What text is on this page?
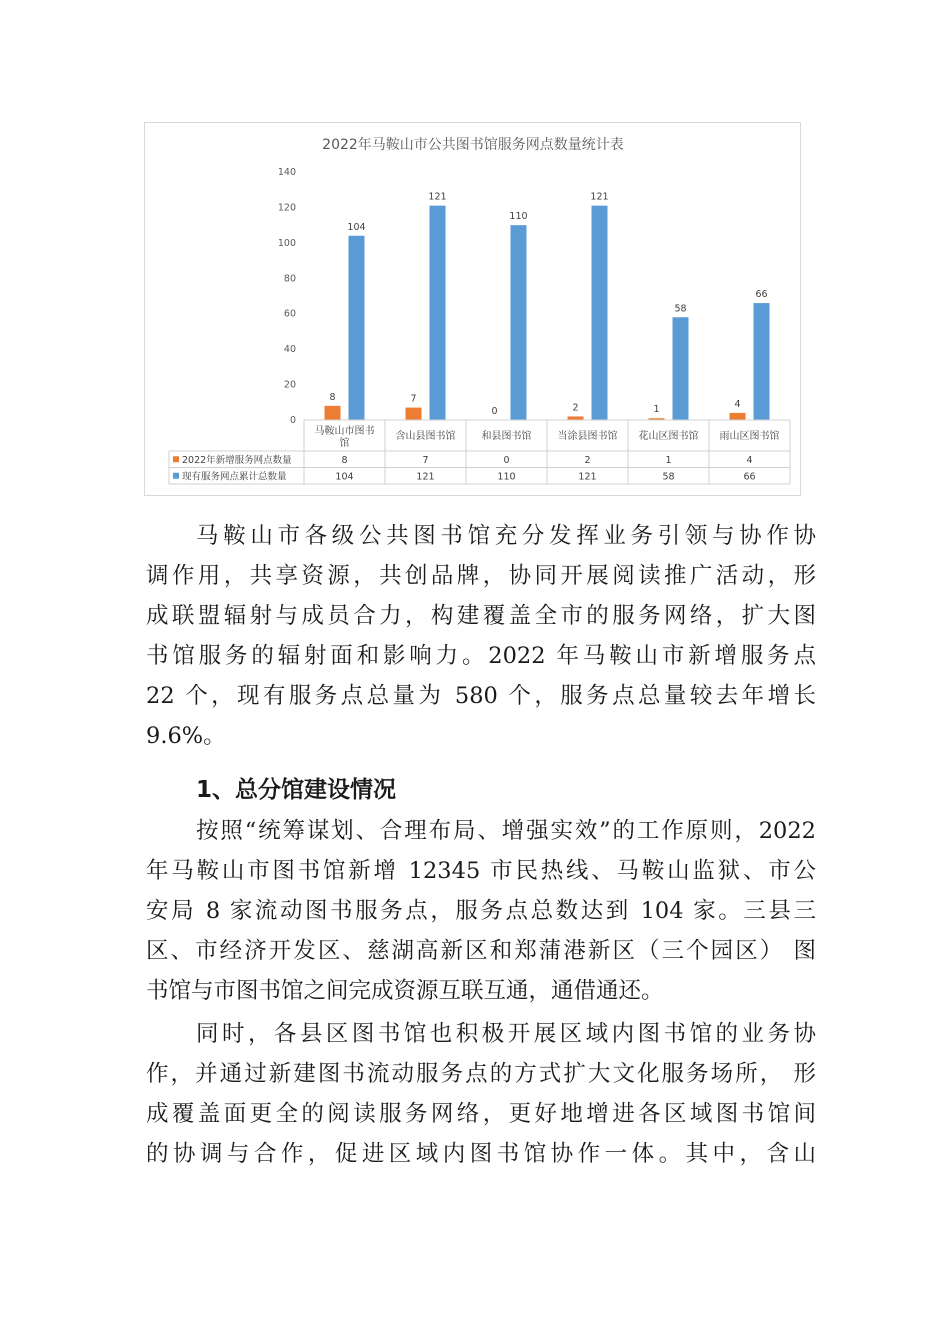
2022年马鞍山市公共图书馆服务网点数量统计表
0
20
40
60
80
100
120
140
8	7
0	2	1	4
104
121
110
121
58
66
马鞍山市图书
馆
含山县图书馆	和县图书馆	当涂县图书馆 花山区图书馆 雨山区图书馆
2022年新增服务网点数量	8	7	0	2	1	4
现有服务网点累计总数量	104	121	110	121	58	66
马鞍山市各级公共图书馆充分发挥业务引领与协作协
调作用，共享资源，共创品牌，协同开展阅读推广活动，形
成联盟辐射与成员合力，构建覆盖全市的服务网络，扩大图
书馆服务的辐射面和影响力。2022 年马鞍山市新增服务点
22 个，现有服务点总量为 580 个，服务点总量较去年增长
9.6%。
1、总分馆建设情况
按照“统筹谋划、合理布局、增强实效”的工作原则，2022
年马鞍山市图书馆新增 12345 市民热线、马鞍山监狱、市公
安局 8 家流动图书服务点，服务点总数达到 104 家。三县三
区、市经济开发区、慈湖高新区和郑蒲港新区（三个园区） 图
书馆与市图书馆之间完成资源互联互通，通借通还。
同时，各县区图书馆也积极开展区域内图书馆的业务协
作，并通过新建图书流动服务点的方式扩大文化服务场所， 形
成覆盖面更全的阅读服务网络，更好地增进各区域图书馆间
的协调与合作，促进区域内图书馆协作一体。其中，含山
